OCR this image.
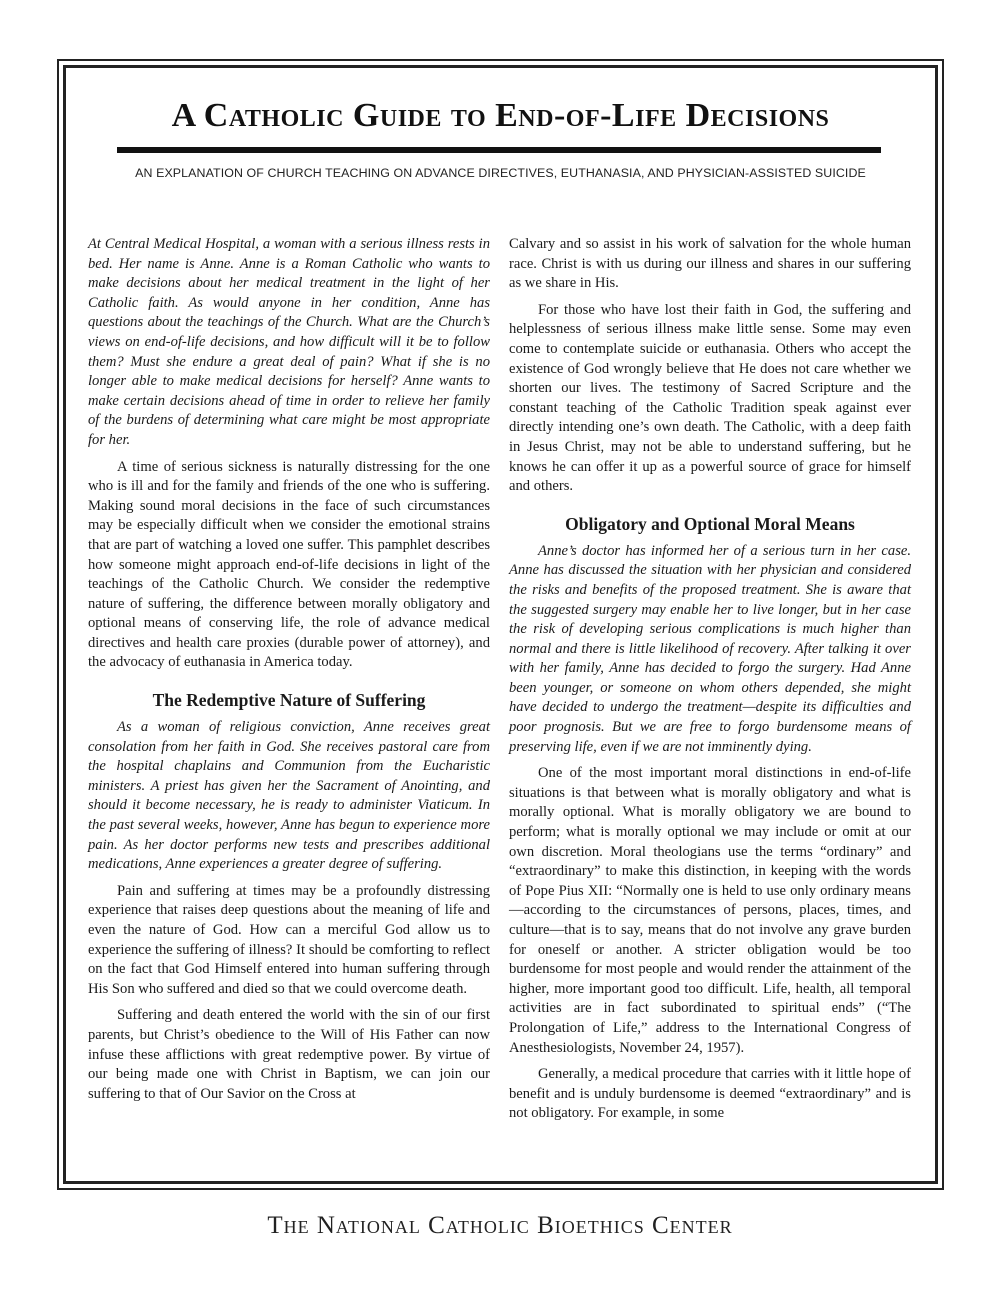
A Catholic Guide to End-of-Life Decisions
AN EXPLANATION OF CHURCH TEACHING ON ADVANCE DIRECTIVES, EUTHANASIA, AND PHYSICIAN-ASSISTED SUICIDE

At Central Medical Hospital, a woman with a serious illness rests in bed. Her name is Anne. Anne is a Roman Catholic who wants to make decisions about her medical treatment in the light of her Catholic faith. As would anyone in her condition, Anne has questions about the teachings of the Church. What are the Church’s views on end-of-life decisions, and how difficult will it be to follow them? Must she endure a great deal of pain? What if she is no longer able to make medical decisions for herself? Anne wants to make certain decisions ahead of time in order to relieve her family of the burdens of determining what care might be most appropriate for her.

A time of serious sickness is naturally distressing for the one who is ill and for the family and friends of the one who is suffering. Making sound moral decisions in the face of such circumstances may be especially difficult when we consider the emotional strains that are part of watching a loved one suffer. This pamphlet describes how someone might approach end-of-life decisions in light of the teachings of the Catholic Church. We consider the redemptive nature of suffering, the difference between morally obligatory and optional means of conserving life, the role of advance medical directives and health care proxies (durable power of attorney), and the advocacy of euthanasia in America today.

The Redemptive Nature of Suffering

As a woman of religious conviction, Anne receives great consolation from her faith in God. She receives pastoral care from the hospital chaplains and Communion from the Eucharistic ministers. A priest has given her the Sacrament of Anointing, and should it become necessary, he is ready to administer Viaticum. In the past several weeks, however, Anne has begun to experience more pain. As her doctor performs new tests and prescribes additional medications, Anne experiences a greater degree of suffering.

Pain and suffering at times may be a profoundly distressing experience that raises deep questions about the meaning of life and even the nature of God. How can a merciful God allow us to experience the suffering of illness? It should be comforting to reflect on the fact that God Himself entered into human suffering through His Son who suffered and died so that we could overcome death.

Suffering and death entered the world with the sin of our first parents, but Christ’s obedience to the Will of His Father can now infuse these afflictions with great redemptive power. By virtue of our being made one with Christ in Baptism, we can join our suffering to that of Our Savior on the Cross at

Calvary and so assist in his work of salvation for the whole human race. Christ is with us during our illness and shares in our suffering as we share in His.

For those who have lost their faith in God, the suffering and helplessness of serious illness make little sense. Some may even come to contemplate suicide or euthanasia. Others who accept the existence of God wrongly believe that He does not care whether we shorten our lives. The testimony of Sacred Scripture and the constant teaching of the Catholic Tradition speak against ever directly intending one’s own death. The Catholic, with a deep faith in Jesus Christ, may not be able to understand suffering, but he knows he can offer it up as a powerful source of grace for himself and others.

Obligatory and Optional Moral Means

Anne’s doctor has informed her of a serious turn in her case. Anne has discussed the situation with her physician and considered the risks and benefits of the proposed treatment. She is aware that the suggested surgery may enable her to live longer, but in her case the risk of developing serious complications is much higher than normal and there is little likelihood of recovery. After talking it over with her family, Anne has decided to forgo the surgery. Had Anne been younger, or someone on whom others depended, she might have decided to undergo the treatment—despite its difficulties and poor prognosis. But we are free to forgo burdensome means of preserving life, even if we are not imminently dying.

One of the most important moral distinctions in end-of-life situations is that between what is morally obligatory and what is morally optional. What is morally obligatory we are bound to perform; what is morally optional we may include or omit at our own discretion. Moral theologians use the terms “ordinary” and “extraordinary” to make this distinction, in keeping with the words of Pope Pius XII: “Normally one is held to use only ordinary means—according to the circumstances of persons, places, times, and culture—that is to say, means that do not involve any grave burden for oneself or another. A stricter obligation would be too burdensome for most people and would render the attainment of the higher, more important good too difficult. Life, health, all temporal activities are in fact subordinated to spiritual ends” (“The Prolongation of Life,” address to the International Congress of Anesthesiologists, November 24, 1957).

Generally, a medical procedure that carries with it little hope of benefit and is unduly burdensome is deemed “extraordinary” and is not obligatory. For example, in some

The National Catholic Bioethics Center
